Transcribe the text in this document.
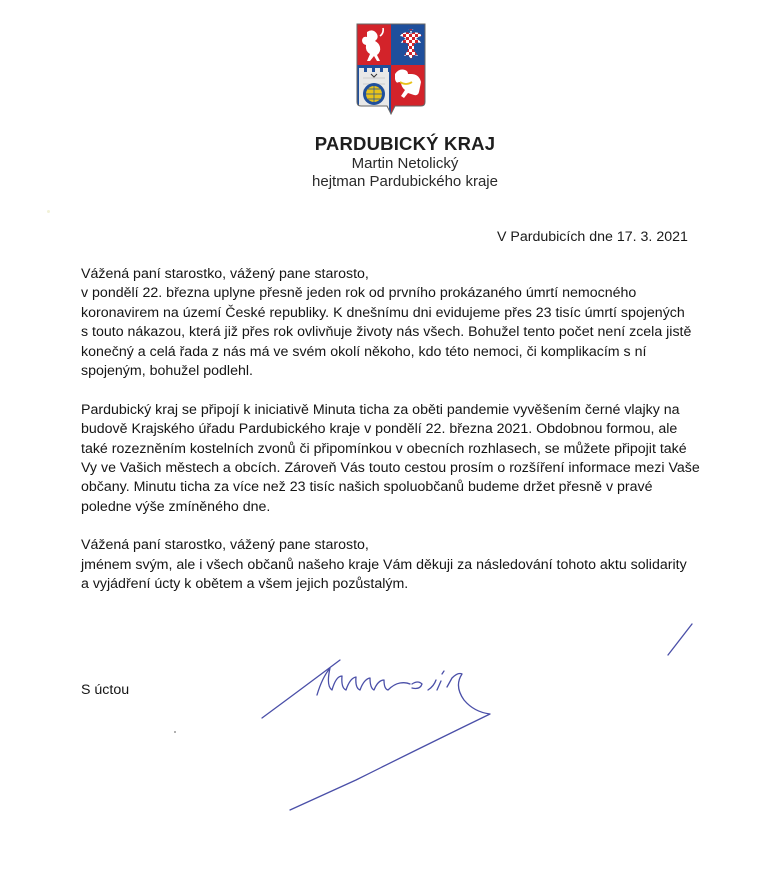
PARDUBICKÝ KRAJ
Martin Netolický
hejtman Pardubického kraje
V Pardubicích dne 17. 3. 2021
Vážená paní starostko, vážený pane starosto,
v pondělí 22. března uplyne přesně jeden rok od prvního prokázaného úmrtí nemocného
koronavirem na území České republiky. K dnešnímu dni evidujeme přes 23 tisíc úmrtí spojených
s touto nákazou, která již přes rok ovlivňuje životy nás všech. Bohužel tento počet není zcela jistě
konečný a celá řada z nás má ve svém okolí někoho, kdo této nemoci, či komplikacím s ní
spojeným, bohužel podlehl.
Pardubický kraj se připojí k iniciativě Minuta ticha za oběti pandemie vyvěšením černé vlajky na
budově Krajského úřadu Pardubického kraje v pondělí 22. března 2021. Obdobnou formou, ale
také rozezněním kostelních zvonů či připomínkou v obecních rozhlasech, se můžete připojit také
Vy ve Vašich městech a obcích. Zároveň Vás touto cestou prosím o rozšíření informace mezi Vaše
občany. Minutu ticha za více než 23 tisíc našich spoluobčanů budeme držet přesně v pravé
poledne výše zmíněného dne.
Vážená paní starostko, vážený pane starosto,
jménem svým, ale i všech občanů našeho kraje Vám děkuji za následování tohoto aktu solidarity
a vyjádření úcty k obětem a všem jejich pozůstalým.
S úctou
